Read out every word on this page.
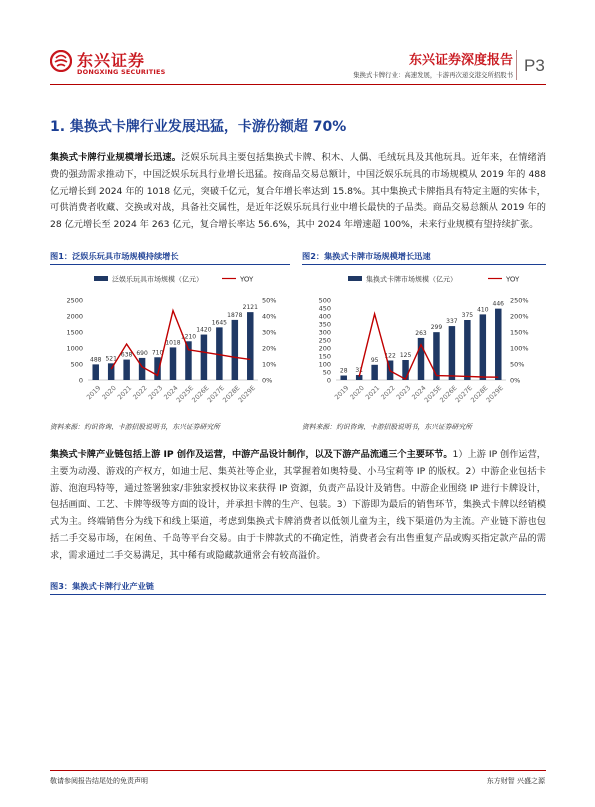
东兴证券
DONGXING SECURITIES
东兴证券深度报告
集换式卡牌行业：高速发展，卡游再次递交港交所招股书 P3
1. 集换式卡牌行业发展迅猛，卡游份额超 70%
集换式卡牌行业规模增长迅速。泛娱乐玩具主要包括集换式卡牌、积木、人偶、毛绒玩具及其他玩具。近年来，在情绪消费的强劲需求推动下，中国泛娱乐玩具行业增长迅猛。按商品交易总额计，中国泛娱乐玩具的市场规模从 2019 年的 488 亿元增长到 2024 年的 1018 亿元，突破千亿元，复合年增长率达到 15.8%。其中集换式卡牌指具有特定主题的实体卡，可供消费者收藏、交换或对战，具备社交属性，是近年泛娱乐玩具行业中增长最快的子品类。商品交易总额从 2019 年的 28 亿元增长至 2024 年 263 亿元，复合增长率达 56.6%，其中 2024 年增速超 100%，未来行业规模有望持续扩张。
图1：泛娱乐玩具市场规模持续增长	图2：集换式卡牌市场规模增长迅速
泛娱乐玩具市场规模（亿元）	YOY
0
500
1000
1500
2000
2500
0%
10%
20%
30%
40%
50%
488
2019
521
2020
638
2021
690
2022
710
2023
1018
2024
1210
2025E
1420
2026E
1645
2027E
1878
2028E
2121
2029E
集换式卡牌市场规模（亿元）	YOY
0
50
100
150
200
250
300
350
400
450
500
0%
50%
100%
150%
200%
250%
28
2019
31
2020
95
2021
122
2022
125
2023
263
2024
299
2025E
337
2026E
375
2027E
410
2028E
446
2029E
资料来源：灼识咨询、卡游招股说明书，东兴证券研究所	资料来源：灼识咨询、卡游招股说明书，东兴证券研究所
集换式卡牌产业链包括上游 IP 创作及运营，中游产品设计制作，以及下游产品流通三个主要环节。1）上游 IP 创作运营，主要为动漫、游戏的产权方，如迪士尼、集英社等企业，其掌握着如奥特曼、小马宝莉等 IP 的版权。2）中游企业包括卡游、泡泡玛特等，通过签署独家/非独家授权协议来获得 IP 资源，负责产品设计及销售。中游企业围绕 IP 进行卡牌设计，包括画面、工艺、卡牌等级等方面的设计，并承担卡牌的生产、包装。3）下游即为最后的销售环节，集换式卡牌以经销模式为主。终端销售分为线下和线上渠道，考虑到集换式卡牌消费者以低领儿童为主，线下渠道仍为主流。产业链下游也包括二手交易市场，在闲鱼、千岛等平台交易。由于卡牌款式的不确定性，消费者会有出售重复产品或购买指定款产品的需求，需求通过二手交易满足，其中稀有或隐藏款通常会有较高溢价。
图3：集换式卡牌行业产业链
敬请参阅报告结尾处的免责声明	东方财智 兴盛之源
